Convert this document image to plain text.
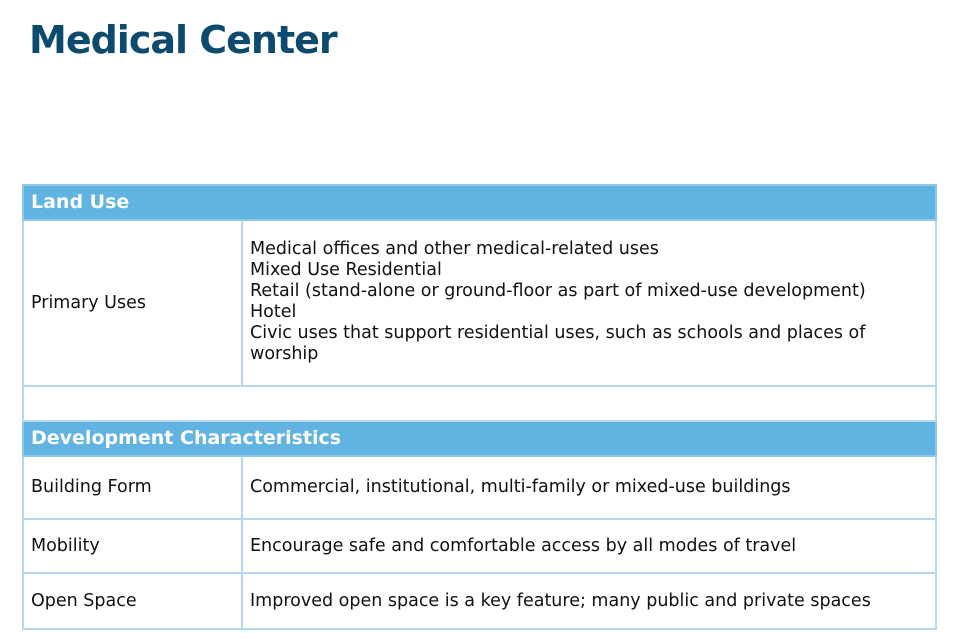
Medical Center
Land Use	
Primary Uses	Medical offices and other medical-related uses
Mixed Use Residential
Retail (stand-alone or ground-floor as part of mixed-use development)
Hotel
Civic uses that support residential uses, such as schools and places of worship

Development Characteristics	
Building Form	Commercial, institutional, multi-family or mixed-use buildings
Mobility	Encourage safe and comfortable access by all modes of travel
Open Space	Improved open space is a key feature; many public and private spaces
